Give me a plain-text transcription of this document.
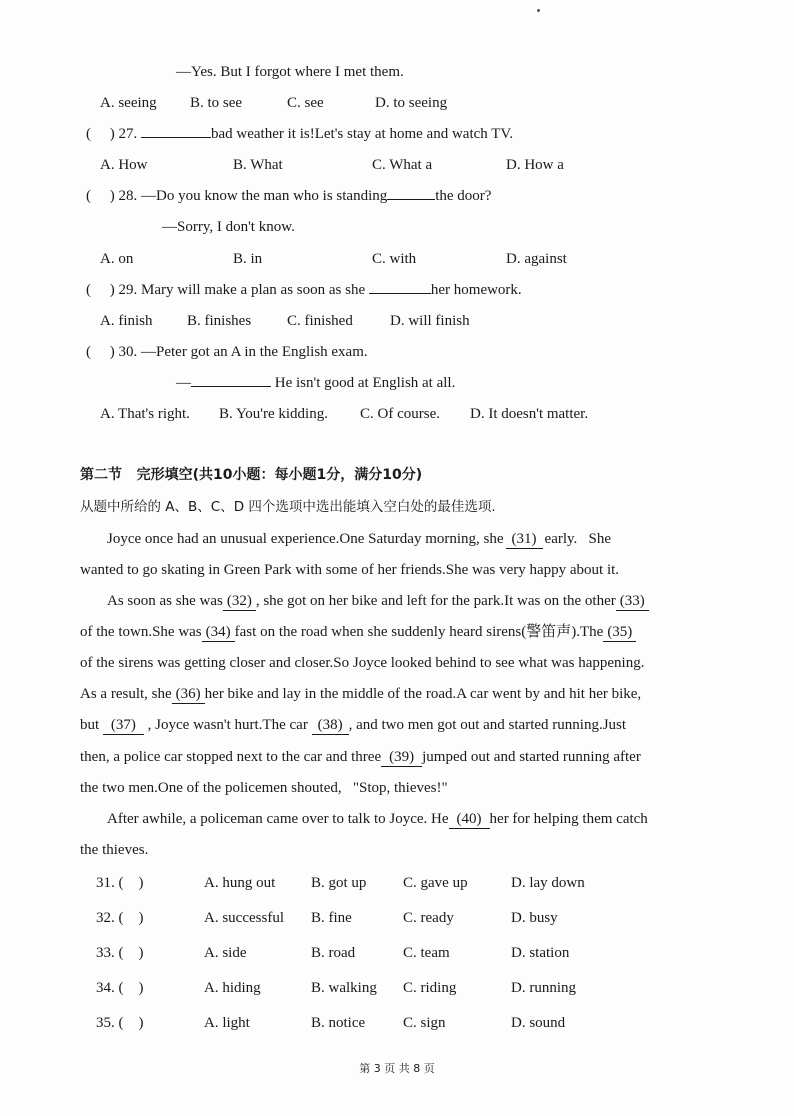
—Yes. But I forgot where I met them.
A. seeing B. to see	C. see	D. to seeing
(     ) 27.	bad weather it is!Let's stay at home and watch TV.
A. How	B. What	C. What a	D. How a
(     ) 28. —Do you know the man who is standing	the door?
—Sorry, I don't know.
A. on	B. in	C. with	D. against
(     ) 29. Mary will make a plan as soon as she	her homework.
A. finish B. finishes C. finished D. will finish
(     ) 30. —Peter got an A in the English exam.
—	He isn't good at English at all.
A. That's right. B. You're kidding. C. Of course. D. It doesn't matter.
第二节   完形填空(共10小题：每小题1分，满分10分)
从题中所给的 A、B、C、D 四个选项中选出能填入空白处的最佳选项.
Joyce once had an unusual experience.One Saturday morning, she (31) early.   She
wanted to go skating in Green Park with some of her friends.She was very happy about it.
As soon as she was (32) , she got on her bike and left for the park.It was on the other (33)
of the town.She was (34) fast on the road when she suddenly heard sirens(警笛声).The (35)
of the sirens was getting closer and closer.So Joyce looked behind to see what was happening.
As a result, she (36) her bike and lay in the middle of the road.A car went by and hit her bike,
but (37) , Joyce wasn't hurt.The car (38) , and two men got out and started running.Just
then, a police car stopped next to the car and three (39) jumped out and started running after
the two men.One of the policemen shouted,   "Stop, thieves!"
After awhile, a policeman came over to talk to Joyce. He (40) her for helping them catch
the thieves.
31. (    )	A. hung out B. got up C. gave up	D. lay down
32. (    )	A. successful B. fine	C. ready	D. busy
33. (    )	A. side	B. road	C. team	D. station
34. (    )	A. hiding	B. walking C. riding	D. running
35. (    )	A. light	B. notice	C. sign	D. sound
第 3 页 共 8 页
